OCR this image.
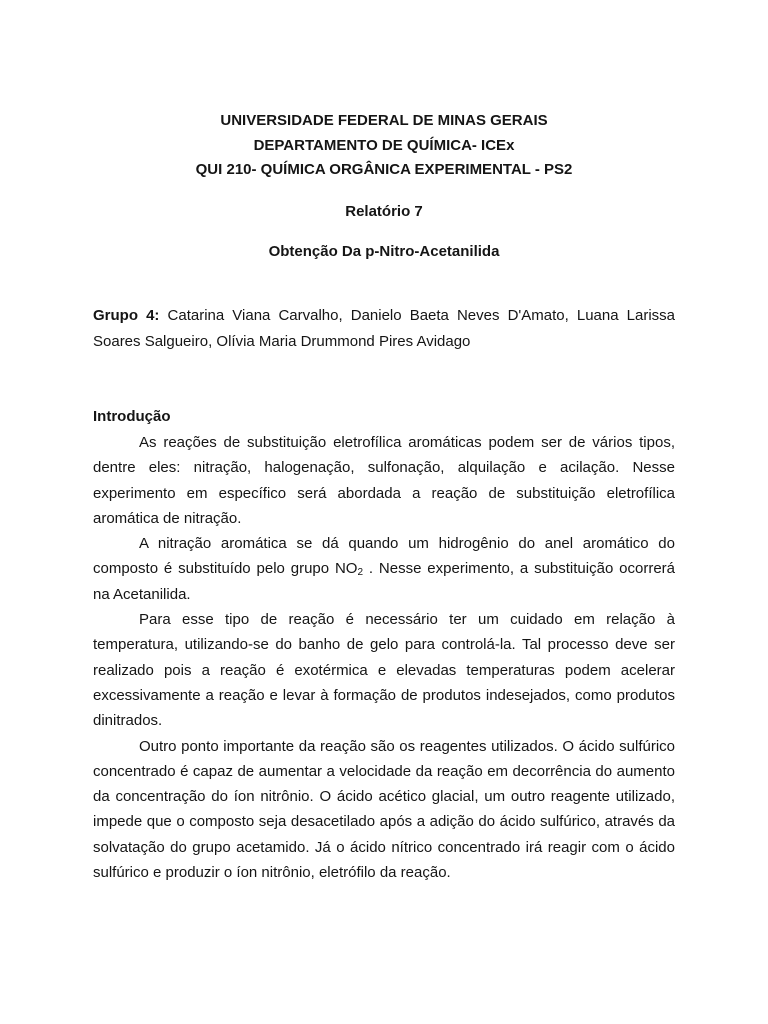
UNIVERSIDADE FEDERAL DE MINAS GERAIS
DEPARTAMENTO DE QUÍMICA- ICEx
QUI 210- QUÍMICA ORGÂNICA EXPERIMENTAL - PS2
Relatório 7
Obtenção Da p-Nitro-Acetanilida
Grupo 4: Catarina Viana Carvalho, Danielo Baeta Neves D'Amato, Luana Larissa Soares Salgueiro, Olívia Maria Drummond Pires Avidago
Introdução

As reações de substituição eletrofílica aromáticas podem ser de vários tipos, dentre eles: nitração, halogenação, sulfonação, alquilação e acilação. Nesse experimento em específico será abordada a reação de substituição eletrofílica aromática de nitração.

A nitração aromática se dá quando um hidrogênio do anel aromático do composto é substituído pelo grupo $NO_2$ . Nesse experimento, a substituição ocorrerá na Acetanilida.

Para esse tipo de reação é necessário ter um cuidado em relação à temperatura, utilizando-se do banho de gelo para controlá-la. Tal processo deve ser realizado pois a reação é exotérmica e elevadas temperaturas podem acelerar excessivamente a reação e levar à formação de produtos indesejados, como produtos dinitrados.

Outro ponto importante da reação são os reagentes utilizados. O ácido sulfúrico concentrado é capaz de aumentar a velocidade da reação em decorrência do aumento da concentração do íon nitrônio. O ácido acético glacial, um outro reagente utilizado, impede que o composto seja desacetilado após a adição do ácido sulfúrico, através da solvatação do grupo acetamido. Já o ácido nítrico concentrado irá reagir com o ácido sulfúrico e produzir o íon nitrônio, eletrófilo da reação.
